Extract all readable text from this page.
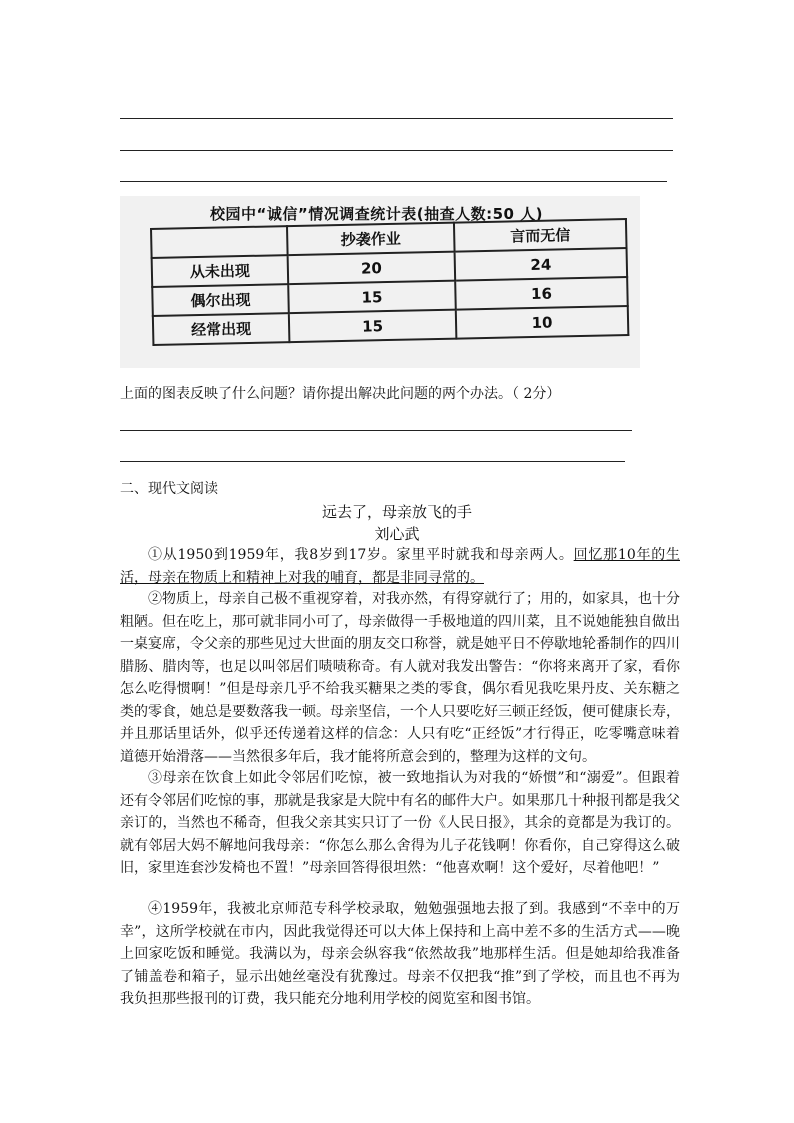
校园中“诚信”情况调查统计表(抽查人数:50 人)
	抄袭作业	言而无信
从未出现	20	24
偶尔出现	15	16
经常出现	15	10
上面的图表反映了什么问题？请你提出解决此问题的两个办法。（ 2分）
二、现代文阅读
远去了，母亲放飞的手
刘心武

①从1950到1959年，我8岁到17岁。家里平时就我和母亲两人。回忆那10年的生活，母亲在物质上和精神上对我的哺育，都是非同寻常的。

②物质上，母亲自己极不重视穿着，对我亦然，有得穿就行了；用的，如家具，也十分粗陋。但在吃上，那可就非同小可了，母亲做得一手极地道的四川菜，且不说她能独自做出一桌宴席，令父亲的那些见过大世面的朋友交口称誉，就是她平日不停歇地轮番制作的四川腊肠、腊肉等，也足以叫邻居们啧啧称奇。有人就对我发出警告：“你将来离开了家，看你怎么吃得惯啊！”但是母亲几乎不给我买糖果之类的零食，偶尔看见我吃果丹皮、关东糖之类的零食，她总是要数落我一顿。母亲坚信，一个人只要吃好三顿正经饭，便可健康长寿，并且那话里话外，似乎还传递着这样的信念：人只有吃“正经饭”才行得正，吃零嘴意味着道德开始滑落——当然很多年后，我才能将所意会到的，整理为这样的文句。

③母亲在饮食上如此令邻居们吃惊，被一致地指认为对我的“娇惯”和“溺爱”。但跟着还有令邻居们吃惊的事，那就是我家是大院中有名的邮件大户。如果那几十种报刊都是我父亲订的，当然也不稀奇，但我父亲其实只订了一份《人民日报》，其余的竟都是为我订的。就有邻居大妈不解地问我母亲：“你怎么那么舍得为儿子花钱啊！你看你，自己穿得这么破旧，家里连套沙发椅也不置！”母亲回答得很坦然：“他喜欢啊！这个爱好，尽着他吧！”

④1959年，我被北京师范专科学校录取，勉勉强强地去报了到。我感到“不幸中的万幸”，这所学校就在市内，因此我觉得还可以大体上保持和上高中差不多的生活方式——晚上回家吃饭和睡觉。我满以为，母亲会纵容我“依然故我”地那样生活。但是她却给我准备了铺盖卷和箱子，显示出她丝毫没有犹豫过。母亲不仅把我“推”到了学校，而且也不再为我负担那些报刊的订费，我只能充分地利用学校的阅览室和图书馆。
